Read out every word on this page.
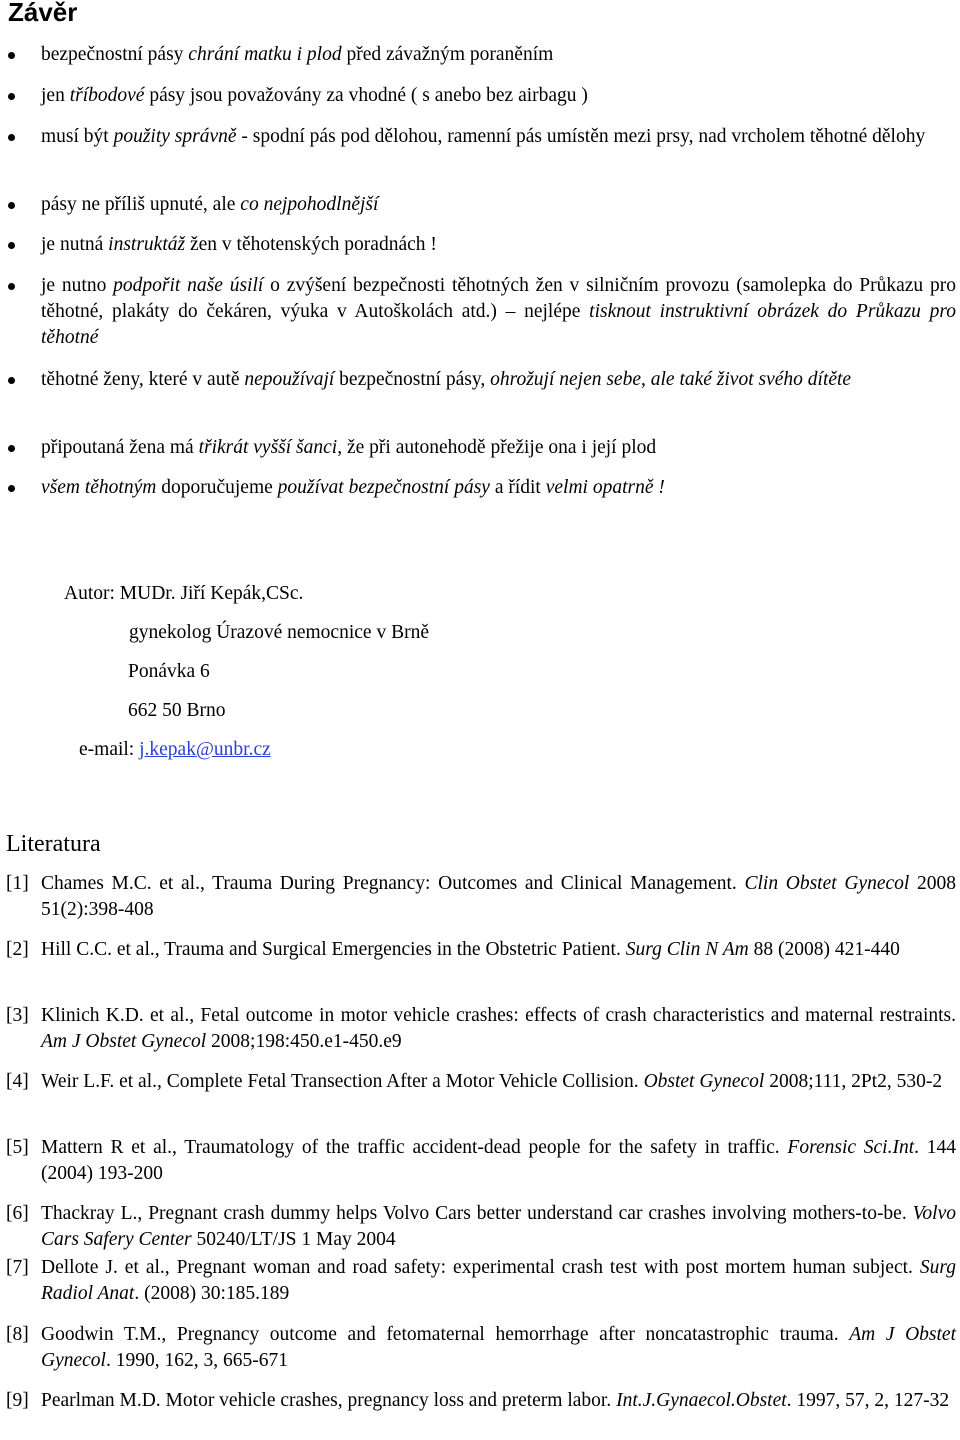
Závěr
bezpečnostní pásy chrání matku i plod před závažným poraněním
jen tříbodové pásy jsou považovány za vhodné ( s anebo bez airbagu )
musí být použity správně - spodní pás pod dělohou, ramenní pás umístěn mezi prsy, nad vrcholem těhotné dělohy
pásy ne příliš upnuté, ale co nejpohodlnější
je nutná instruktáž žen v těhotenských poradnách !
je nutno podpořit naše úsilí o zvýšení bezpečnosti těhotných žen v silničním provozu (samolepka do Průkazu pro těhotné, plakáty do čekáren, výuka v Autoškolách atd.) – nejlépe tisknout instruktivní obrázek do Průkazu pro těhotné
těhotné ženy, které v autě nepoužívají bezpečnostní pásy, ohrožují nejen sebe, ale také život svého dítěte
připoutaná žena má třikrát vyšší šanci, že při autonehodě přežije ona i její plod
všem těhotným doporučujeme používat bezpečnostní pásy a řídit velmi opatrně !
Autor: MUDr. Jiří Kepák,CSc.
gynekolog Úrazové nemocnice v Brně
Ponávka 6
662 50 Brno
e-mail: j.kepak@unbr.cz
Literatura
[1] Chames M.C. et al., Trauma During Pregnancy: Outcomes and Clinical Management. Clin Obstet Gynecol 2008 51(2):398-408
[2] Hill C.C. et al., Trauma and Surgical Emergencies in the Obstetric Patient. Surg Clin N Am 88 (2008) 421-440
[3] Klinich K.D. et al., Fetal outcome in motor vehicle crashes: effects of crash characteristics and maternal restraints. Am J Obstet Gynecol 2008;198:450.e1-450.e9
[4] Weir L.F. et al., Complete Fetal Transection After a Motor Vehicle Collision. Obstet Gynecol 2008;111, 2Pt2, 530-2
[5] Mattern R et al., Traumatology of the traffic accident-dead people for the safety in traffic. Forensic Sci.Int. 144 (2004) 193-200
[6] Thackray L., Pregnant crash dummy helps Volvo Cars better understand car crashes involving mothers-to-be. Volvo Cars Safery Center 50240/LT/JS 1 May 2004
[7] Dellote J. et al., Pregnant woman and road safety: experimental crash test with post mortem human subject. Surg Radiol Anat. (2008) 30:185.189
[8] Goodwin T.M., Pregnancy outcome and fetomaternal hemorrhage after noncatastrophic trauma. Am J Obstet Gynecol. 1990, 162, 3, 665-671
[9] Pearlman M.D. Motor vehicle crashes, pregnancy loss and preterm labor. Int.J.Gynaecol.Obstet. 1997, 57, 2, 127-32
